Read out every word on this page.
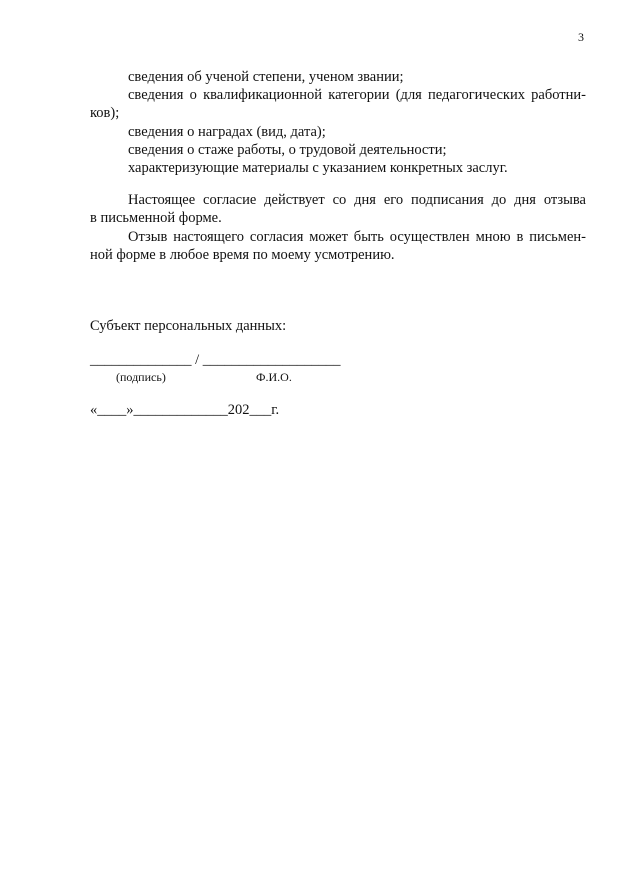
3
сведения об ученой степени, ученом звании;
сведения о квалификационной категории (для педагогических работни-
ков);
сведения о наградах (вид, дата);
сведения о стаже работы, о трудовой деятельности;
характеризующие материалы с указанием конкретных заслуг.
Настоящее согласие действует со дня его подписания до дня отзыва
в письменной форме.
Отзыв настоящего согласия может быть осуществлен мною в письмен-
ной форме в любое время по моему усмотрению.
Субъект персональных данных:
______________ / ___________________
(подпись)	Ф.И.О.
«____»_____________202___г.
